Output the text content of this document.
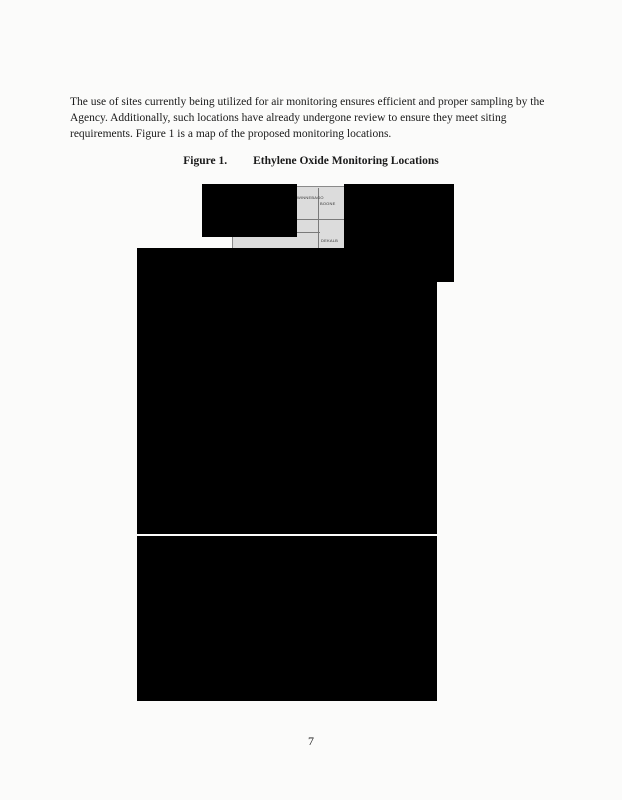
The use of sites currently being utilized for air monitoring ensures efficient and proper sampling by the Agency. Additionally, such locations have already undergone review to ensure they meet siting requirements. Figure 1 is a map of the proposed monitoring locations.

Figure 1. Ethylene Oxide Monitoring Locations
WINNEBAGO
BOONE
DEKALB
7
